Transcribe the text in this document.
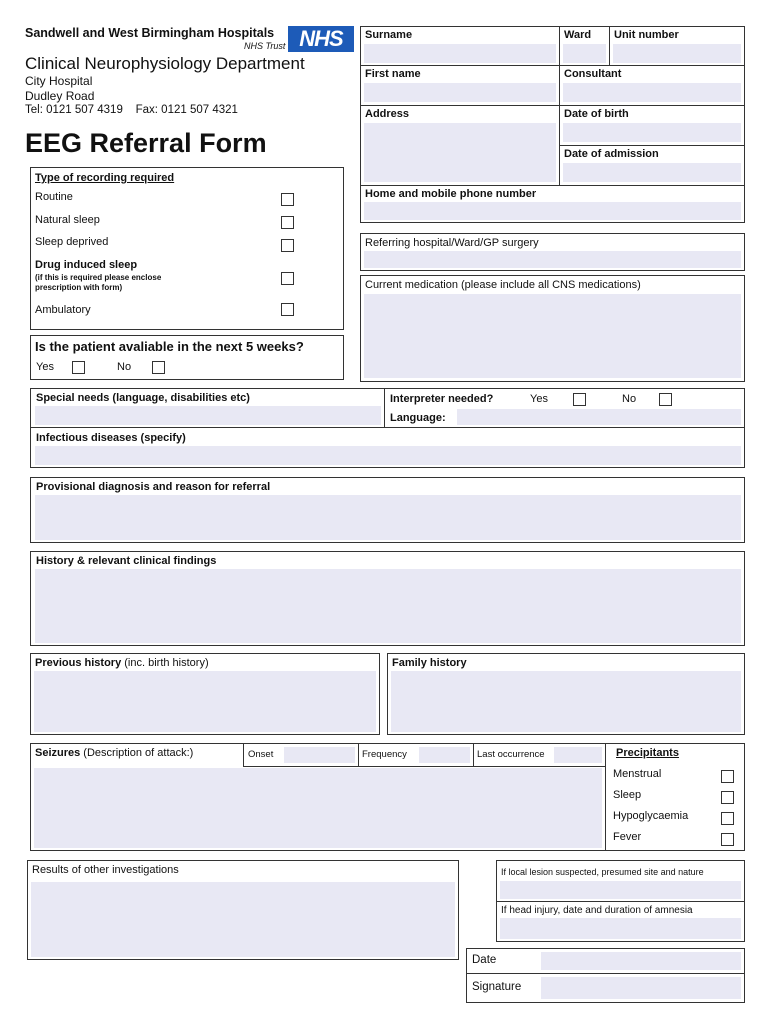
Sandwell and West Birmingham Hospitals
NHS Trust NHS
Clinical Neurophysiology Department
City Hospital
Dudley Road
Tel: 0121 507 4319    Fax: 0121 507 4321
EEG Referral Form
Surname	Ward Unit number
First name	Consultant
Address	Date of birth
Date of admission
Home and mobile phone number
Referring hospital/Ward/GP surgery
Current medication (please include all CNS medications)
Type of recording required
Routine
Natural sleep
Sleep deprived
Drug induced sleep
(if this is required please enclose
prescription with form)
Ambulatory
Is the patient avaliable in the next 5 weeks?
Yes	No
Special needs (language, disabilities etc)	Interpreter needed?	Yes	No
Language:
Infectious diseases (specify)
Provisional diagnosis and reason for referral
History & relevant clinical findings
Previous history (inc. birth history)	Family history
Seizures (Description of attack:)	Onset	Frequency	Last occurrence	Precipitants
Menstrual
Sleep
Hypoglycaemia
Fever
Results of other investigations	If local lesion suspected, presumed site and nature
If head injury, date and duration of amnesia
Date
Signature
